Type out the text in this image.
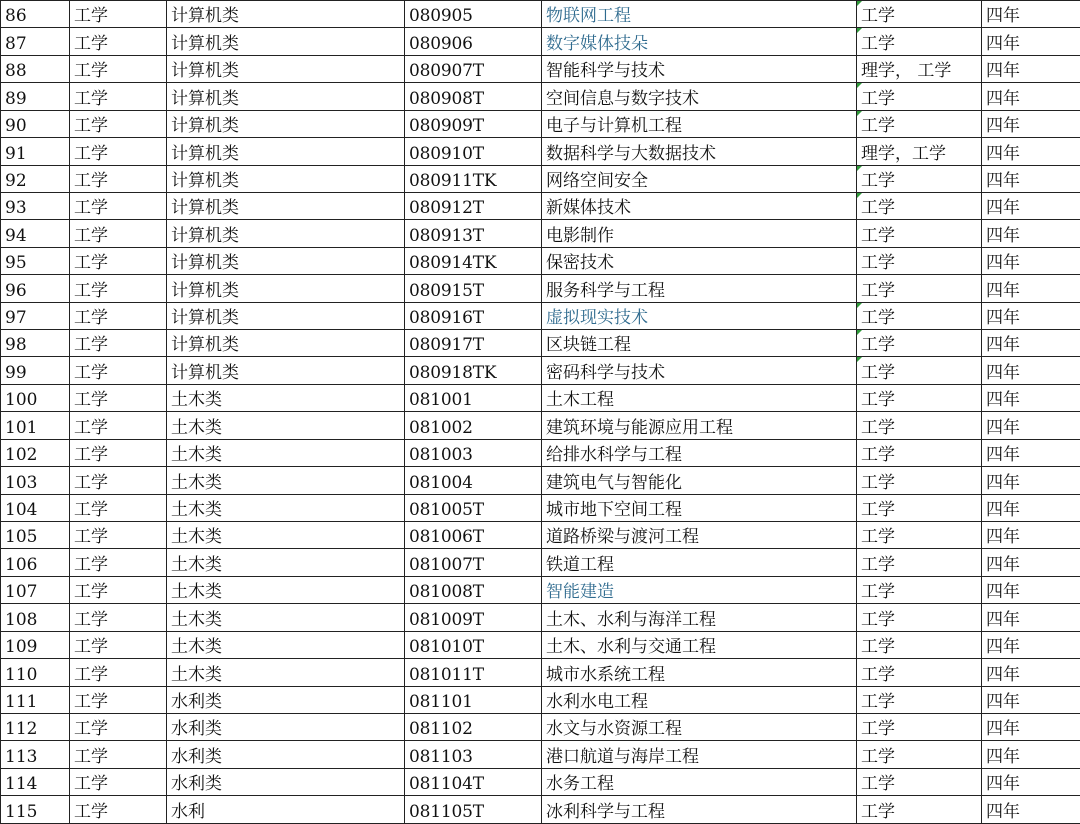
86	工学	计算机类	080905	物联网工程	工学	四年
87	工学	计算机类	080906	数字媒体技朵	工学	四年
88	工学	计算机类	080907T	智能科学与技术	理学， 工学	四年
89	工学	计算机类	080908T	空间信息与数字技术	工学	四年
90	工学	计算机类	080909T	电子与计算机工程	工学	四年
91	工学	计算机类	080910T	数据科学与大数据技术	理学，工学	四年
92	工学	计算机类	080911TK	网络空间安全	工学	四年
93	工学	计算机类	080912T	新媒体技术	工学	四年
94	工学	计算机类	080913T	电影制作	工学	四年
95	工学	计算机类	080914TK	保密技术	工学	四年
96	工学	计算机类	080915T	服务科学与工程	工学	四年
97	工学	计算机类	080916T	虚拟现实技术	工学	四年
98	工学	计算机类	080917T	区块链工程	工学	四年
99	工学	计算机类	080918TK	密码科学与技术	工学	四年
100	工学	土木类	081001	土木工程	工学	四年
101	工学	土木类	081002	建筑环境与能源应用工程	工学	四年
102	工学	土木类	081003	给排水科学与工程	工学	四年
103	工学	土木类	081004	建筑电气与智能化	工学	四年
104	工学	土木类	081005T	城市地下空间工程	工学	四年
105	工学	土木类	081006T	道路桥梁与渡河工程	工学	四年
106	工学	土木类	081007T	铁道工程	工学	四年
107	工学	土木类	081008T	智能建造	工学	四年
108	工学	土木类	081009T	土木、水利与海洋工程	工学	四年
109	工学	土木类	081010T	土木、水利与交通工程	工学	四年
110	工学	土木类	081011T	城市水系统工程	工学	四年
111	工学	水利类	081101	水利水电工程	工学	四年
112	工学	水利类	081102	水文与水资源工程	工学	四年
113	工学	水利类	081103	港口航道与海岸工程	工学	四年
114	工学	水利类	081104T	水务工程	工学	四年
115	工学	水利	081105T	冰利科学与工程	工学	四年
